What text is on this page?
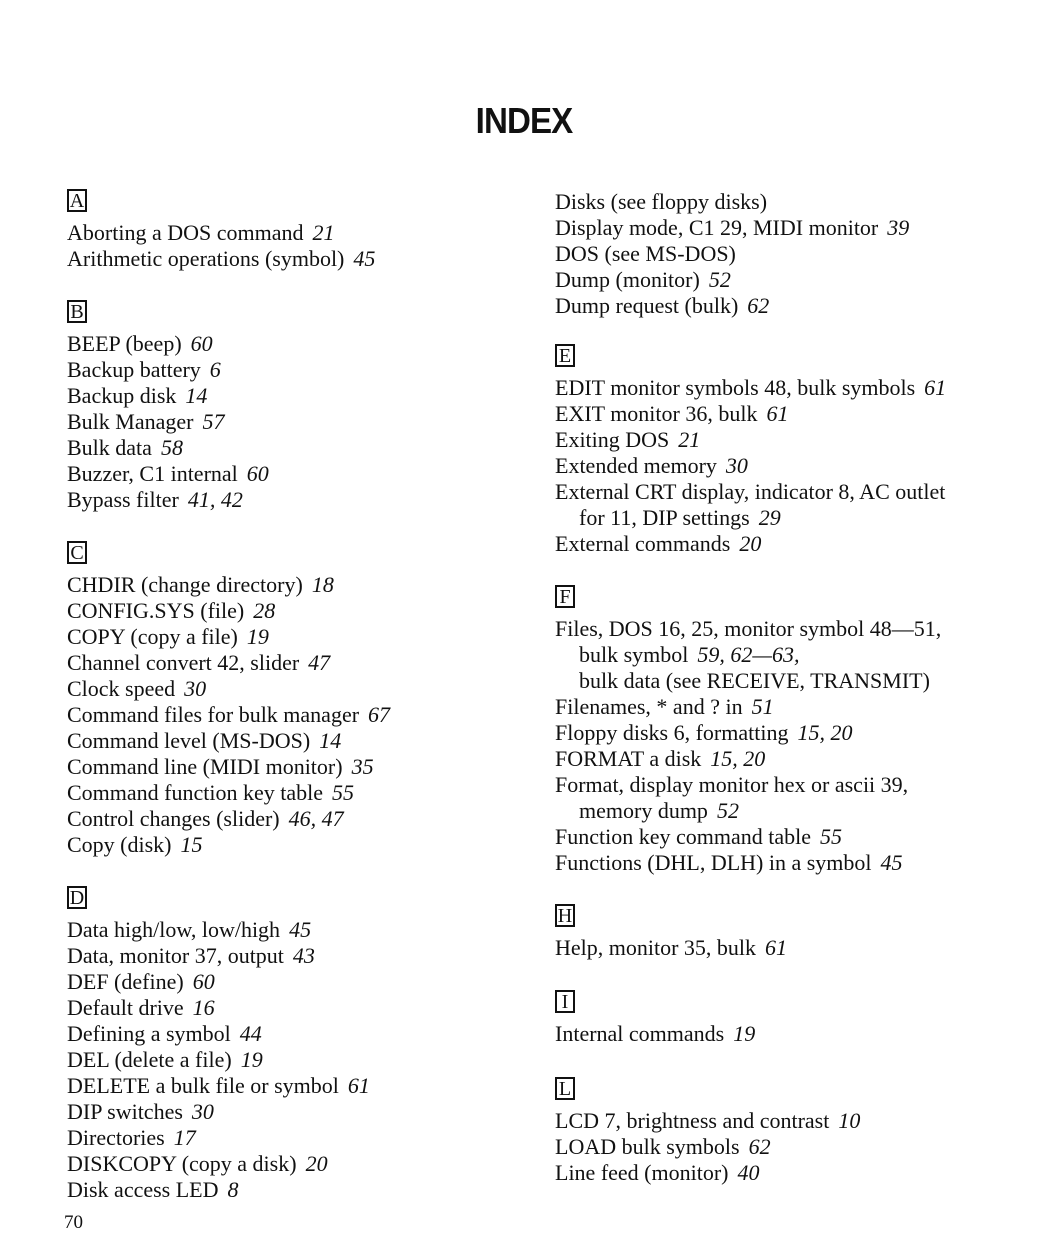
INDEX
A
Aborting a DOS command 21
Arithmetic operations (symbol) 45
B
BEEP (beep) 60
Backup battery 6
Backup disk 14
Bulk Manager 57
Bulk data 58
Buzzer, C1 internal 60
Bypass filter 41, 42
C
CHDIR (change directory) 18
CONFIG.SYS (file) 28
COPY (copy a file) 19
Channel convert 42, slider 47
Clock speed 30
Command files for bulk manager 67
Command level (MS-DOS) 14
Command line (MIDI monitor) 35
Command function key table 55
Control changes (slider) 46, 47
Copy (disk) 15
D
Data high/low, low/high 45
Data, monitor 37, output 43
DEF (define) 60
Default drive 16
Defining a symbol 44
DEL (delete a file) 19
DELETE a bulk file or symbol 61
DIP switches 30
Directories 17
DISKCOPY (copy a disk) 20
Disk access LED 8
Disks (see floppy disks)
Display mode, C1 29, MIDI monitor 39
DOS (see MS-DOS)
Dump (monitor) 52
Dump request (bulk) 62
E
EDIT monitor symbols 48, bulk symbols 61
EXIT monitor 36, bulk 61
Exiting DOS 21
Extended memory 30
External CRT display, indicator 8, AC outlet
for 11, DIP settings 29
External commands 20
F
Files, DOS 16, 25, monitor symbol 48—51,
bulk symbol 59, 62—63,
bulk data (see RECEIVE, TRANSMIT)
Filenames, * and ? in 51
Floppy disks 6, formatting 15, 20
FORMAT a disk 15, 20
Format, display monitor hex or ascii 39,
memory dump 52
Function key command table 55
Functions (DHL, DLH) in a symbol 45
H
Help, monitor 35, bulk 61
I
Internal commands 19
L
LCD 7, brightness and contrast 10
LOAD bulk symbols 62
Line feed (monitor) 40
70
